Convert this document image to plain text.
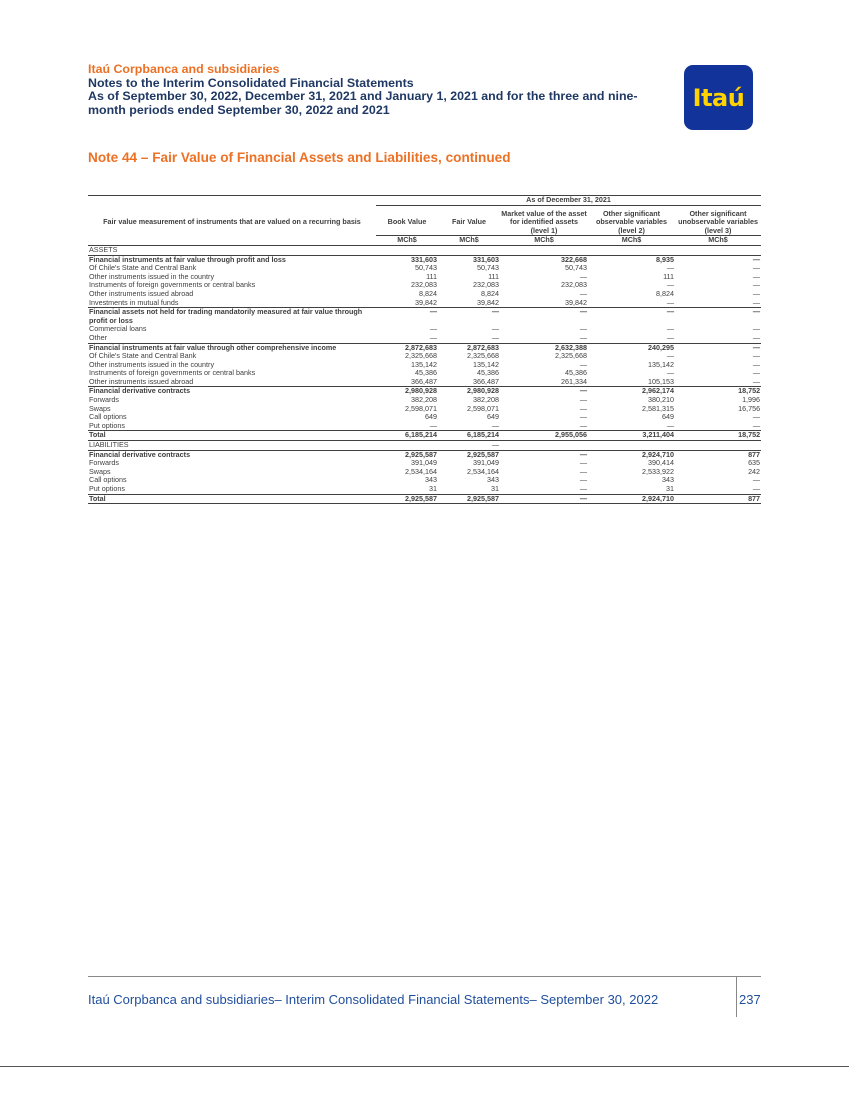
Itaú Corpbanca and subsidiaries
Notes to the Interim Consolidated Financial Statements
As of September 30, 2022, December 31, 2021 and January 1, 2021 and for the three and nine-month periods ended September 30, 2022 and 2021	Itaú
Note 44 – Fair Value of Financial Assets and Liabilities, continued
	As of December 31, 2021				
Fair value measurement of instruments that are valued on a recurring basis	Book Value	Fair Value	Market value of the asset for identified assets (level 1)	Other significant observable variables (level 2)	Other significant unobservable variables (level 3)
	MCh$	MCh$	MCh$	MCh$	MCh$
ASSETS					
Financial instruments at fair value through profit and loss	331,603	331,603	322,668	8,935	—
Of Chile's State and Central Bank	50,743	50,743	50,743	—	—
Other instruments issued in the country	111	111	—	111	—
Instruments of foreign governments or central banks	232,083	232,083	232,083	—	—
Other instruments issued abroad	8,824	8,824	—	8,824	—
Investments in mutual funds	39,842	39,842	39,842	—	—
Financial assets not held for trading mandatorily measured at fair value through profit or loss	—	—	—	—	—
Commercial loans	—	—	—	—	—
Other	—	—	—	—	—
Financial instruments at fair value through other comprehensive income	2,872,683	2,872,683	2,632,388	240,295	—
Of Chile's State and Central Bank	2,325,668	2,325,668	2,325,668	—	—
Other instruments issued in the country	135,142	135,142	—	135,142	—
Instruments of foreign governments or central banks	45,386	45,386	45,386	—	—
Other instruments issued abroad	366,487	366,487	261,334	105,153	—
Financial derivative contracts	2,980,928	2,980,928	—	2,962,174	18,752
Forwards	382,208	382,208	—	380,210	1,996
Swaps	2,598,071	2,598,071	—	2,581,315	16,756
Call options	649	649	—	649	—
Put options	—	—	—	—	—
Total	6,185,214	6,185,214	2,955,056	3,211,404	18,752
LIABILITIES		—			
Financial derivative contracts	2,925,587	2,925,587	—	2,924,710	877
Forwards	391,049	391,049	—	390,414	635
Swaps	2,534,164	2,534,164	—	2,533,922	242
Call options	343	343	—	343	—
Put options	31	31	—	31	—
Total	2,925,587	2,925,587	—	2,924,710	877
Itaú Corpbanca and subsidiaries– Interim Consolidated Financial Statements– September 30, 2022	237
